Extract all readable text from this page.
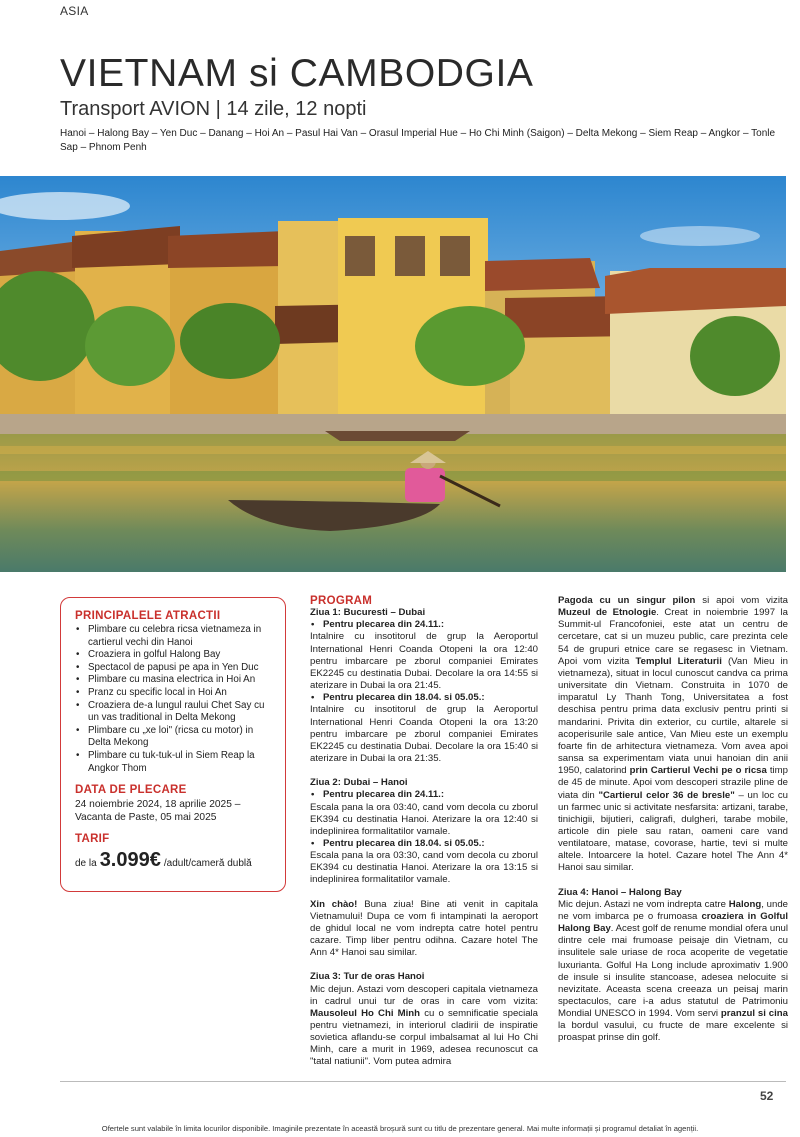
ASIA
VIETNAM si CAMBODGIA
Transport AVION | 14 zile, 12 nopti
Hanoi – Halong Bay – Yen Duc – Danang – Hoi An – Pasul Hai Van – Orasul Imperial Hue – Ho Chi Minh (Saigon) – Delta Mekong – Siem Reap – Angkor – Tonle Sap – Phnom Penh
PRINCIPALELE ATRACTII
• Plimbare cu celebra ricsa vietnameza in cartierul vechi din Hanoi
• Croaziera in golful Halong Bay
• Spectacol de papusi pe apa in Yen Duc
• Plimbare cu masina electrica in Hoi An
• Pranz cu specific local in Hoi An
• Croaziera de-a lungul raului Chet Say cu un vas traditional in Delta Mekong
• Plimbare cu „xe loi" (ricsa cu motor) in Delta Mekong
• Plimbare cu tuk-tuk-ul in Siem Reap la Angkor Thom
DATA DE PLECARE
24 noiembrie 2024, 18 aprilie 2025 – Vacanta de Paste, 05 mai 2025
TARIF
de la 3.099€ /adult/cameră dublă
PROGRAM

Ziua 1: Bucuresti – Dubai

• Pentru plecarea din 24.11.:

Intalnire cu insotitorul de grup la Aeroportul International Henri Coanda Otopeni la ora 12:40 pentru imbarcare pe zborul companiei Emirates EK2245 cu destinatia Dubai. Decolare la ora 14:55 si aterizare in Dubai la ora 21:45.

• Pentru plecarea din 18.04. si 05.05.:

Intalnire cu insotitorul de grup la Aeroportul International Henri Coanda Otopeni la ora 13:20 pentru imbarcare pe zborul companiei Emirates EK2245 cu destinatia Dubai. Decolare la ora 15:40 si aterizare in Dubai la ora 21:35.

Ziua 2: Dubai – Hanoi

• Pentru plecarea din 24.11.:

Escala pana la ora 03:40, cand vom decola cu zborul EK394 cu destinatia Hanoi. Aterizare la ora 12:40 si indeplinirea formalitatilor vamale.

• Pentru plecarea din 18.04. si 05.05.:

Escala pana la ora 03:30, cand vom decola cu zborul EK394 cu destinatia Hanoi. Aterizare la ora 13:15 si indeplinirea formalitatilor vamale.

Xin chào! Buna ziua! Bine ati venit in capitala Vietnamului! Dupa ce vom fi intampinati la aeroport de ghidul local ne vom indrepta catre hotel pentru cazare. Timp liber pentru odihna. Cazare hotel The Ann 4* Hanoi sau similar.

Ziua 3: Tur de oras Hanoi

Mic dejun. Astazi vom descoperi capitala vietnameza in cadrul unui tur de oras in care vom vizita: Mausoleul Ho Chi Minh cu o semnificatie speciala pentru vietnamezi, in interiorul cladirii de inspiratie sovietica aflandu-se corpul imbalsamat al lui Ho Chi Minh, care a murit in 1969, adesea recunoscut ca "tatal natiunii". Vom putea admira

Pagoda cu un singur pilon si apoi vom vizita Muzeul de Etnologie. Creat in noiembrie 1997 la Summit-ul Francofoniei, este atat un centru de cercetare, cat si un muzeu public, care prezinta cele 54 de grupuri etnice care se regasesc in Vietnam. Apoi vom vizita Templul Literaturii (Van Mieu in vietnameza), situat in locul cunoscut candva ca prima universitate din Vietnam. Construita in 1070 de imparatul Ly Thanh Tong, Universitatea a fost deschisa pentru prima data exclusiv pentru printi si mandarini. Privita din exterior, cu curtile, altarele si acoperisurile sale antice, Van Mieu este un exemplu foarte fin de arhitectura vietnameza. Vom avea apoi sansa sa experimentam viata unui hanoian din anii 1950, calatorind prin Cartierul Vechi pe o ricsa timp de 45 de minute. Apoi vom descoperi strazile pline de viata din "Cartierul celor 36 de bresle" – un loc cu un farmec unic si activitate nesfarsita: artizani, tarabe, tinichigii, bijutieri, caligrafi, dulgheri, tarabe mobile, articole din piele sau ratan, oameni care vand ventilatoare, matase, covorase, hartie, tevi si multe altele. Intoarcere la hotel. Cazare hotel The Ann 4* Hanoi sau similar.

Ziua 4: Hanoi – Halong Bay

Mic dejun. Astazi ne vom indrepta catre Halong, unde ne vom imbarca pe o frumoasa croaziera in Golful Halong Bay. Acest golf de renume mondial ofera unul dintre cele mai frumoase peisaje din Vietnam, cu insulitele sale uriase de roca acoperite de vegetatie luxurianta. Golful Ha Long include aproximativ 1.900 de insule si insulite stancoase, adesea nelocuite si nevizitate. Aceasta scena creeaza un peisaj marin spectaculos, care i-a adus statutul de Patrimoniu Mondial UNESCO in 1994. Vom servi pranzul si cina la bordul vasului, cu fructe de mare excelente si proaspat prinse din golf.

52
Ofertele sunt valabile în limita locurilor disponibile. Imaginile prezentate în această broșură sunt cu titlu de prezentare general. Mai multe informații și programul detaliat în agenții.
